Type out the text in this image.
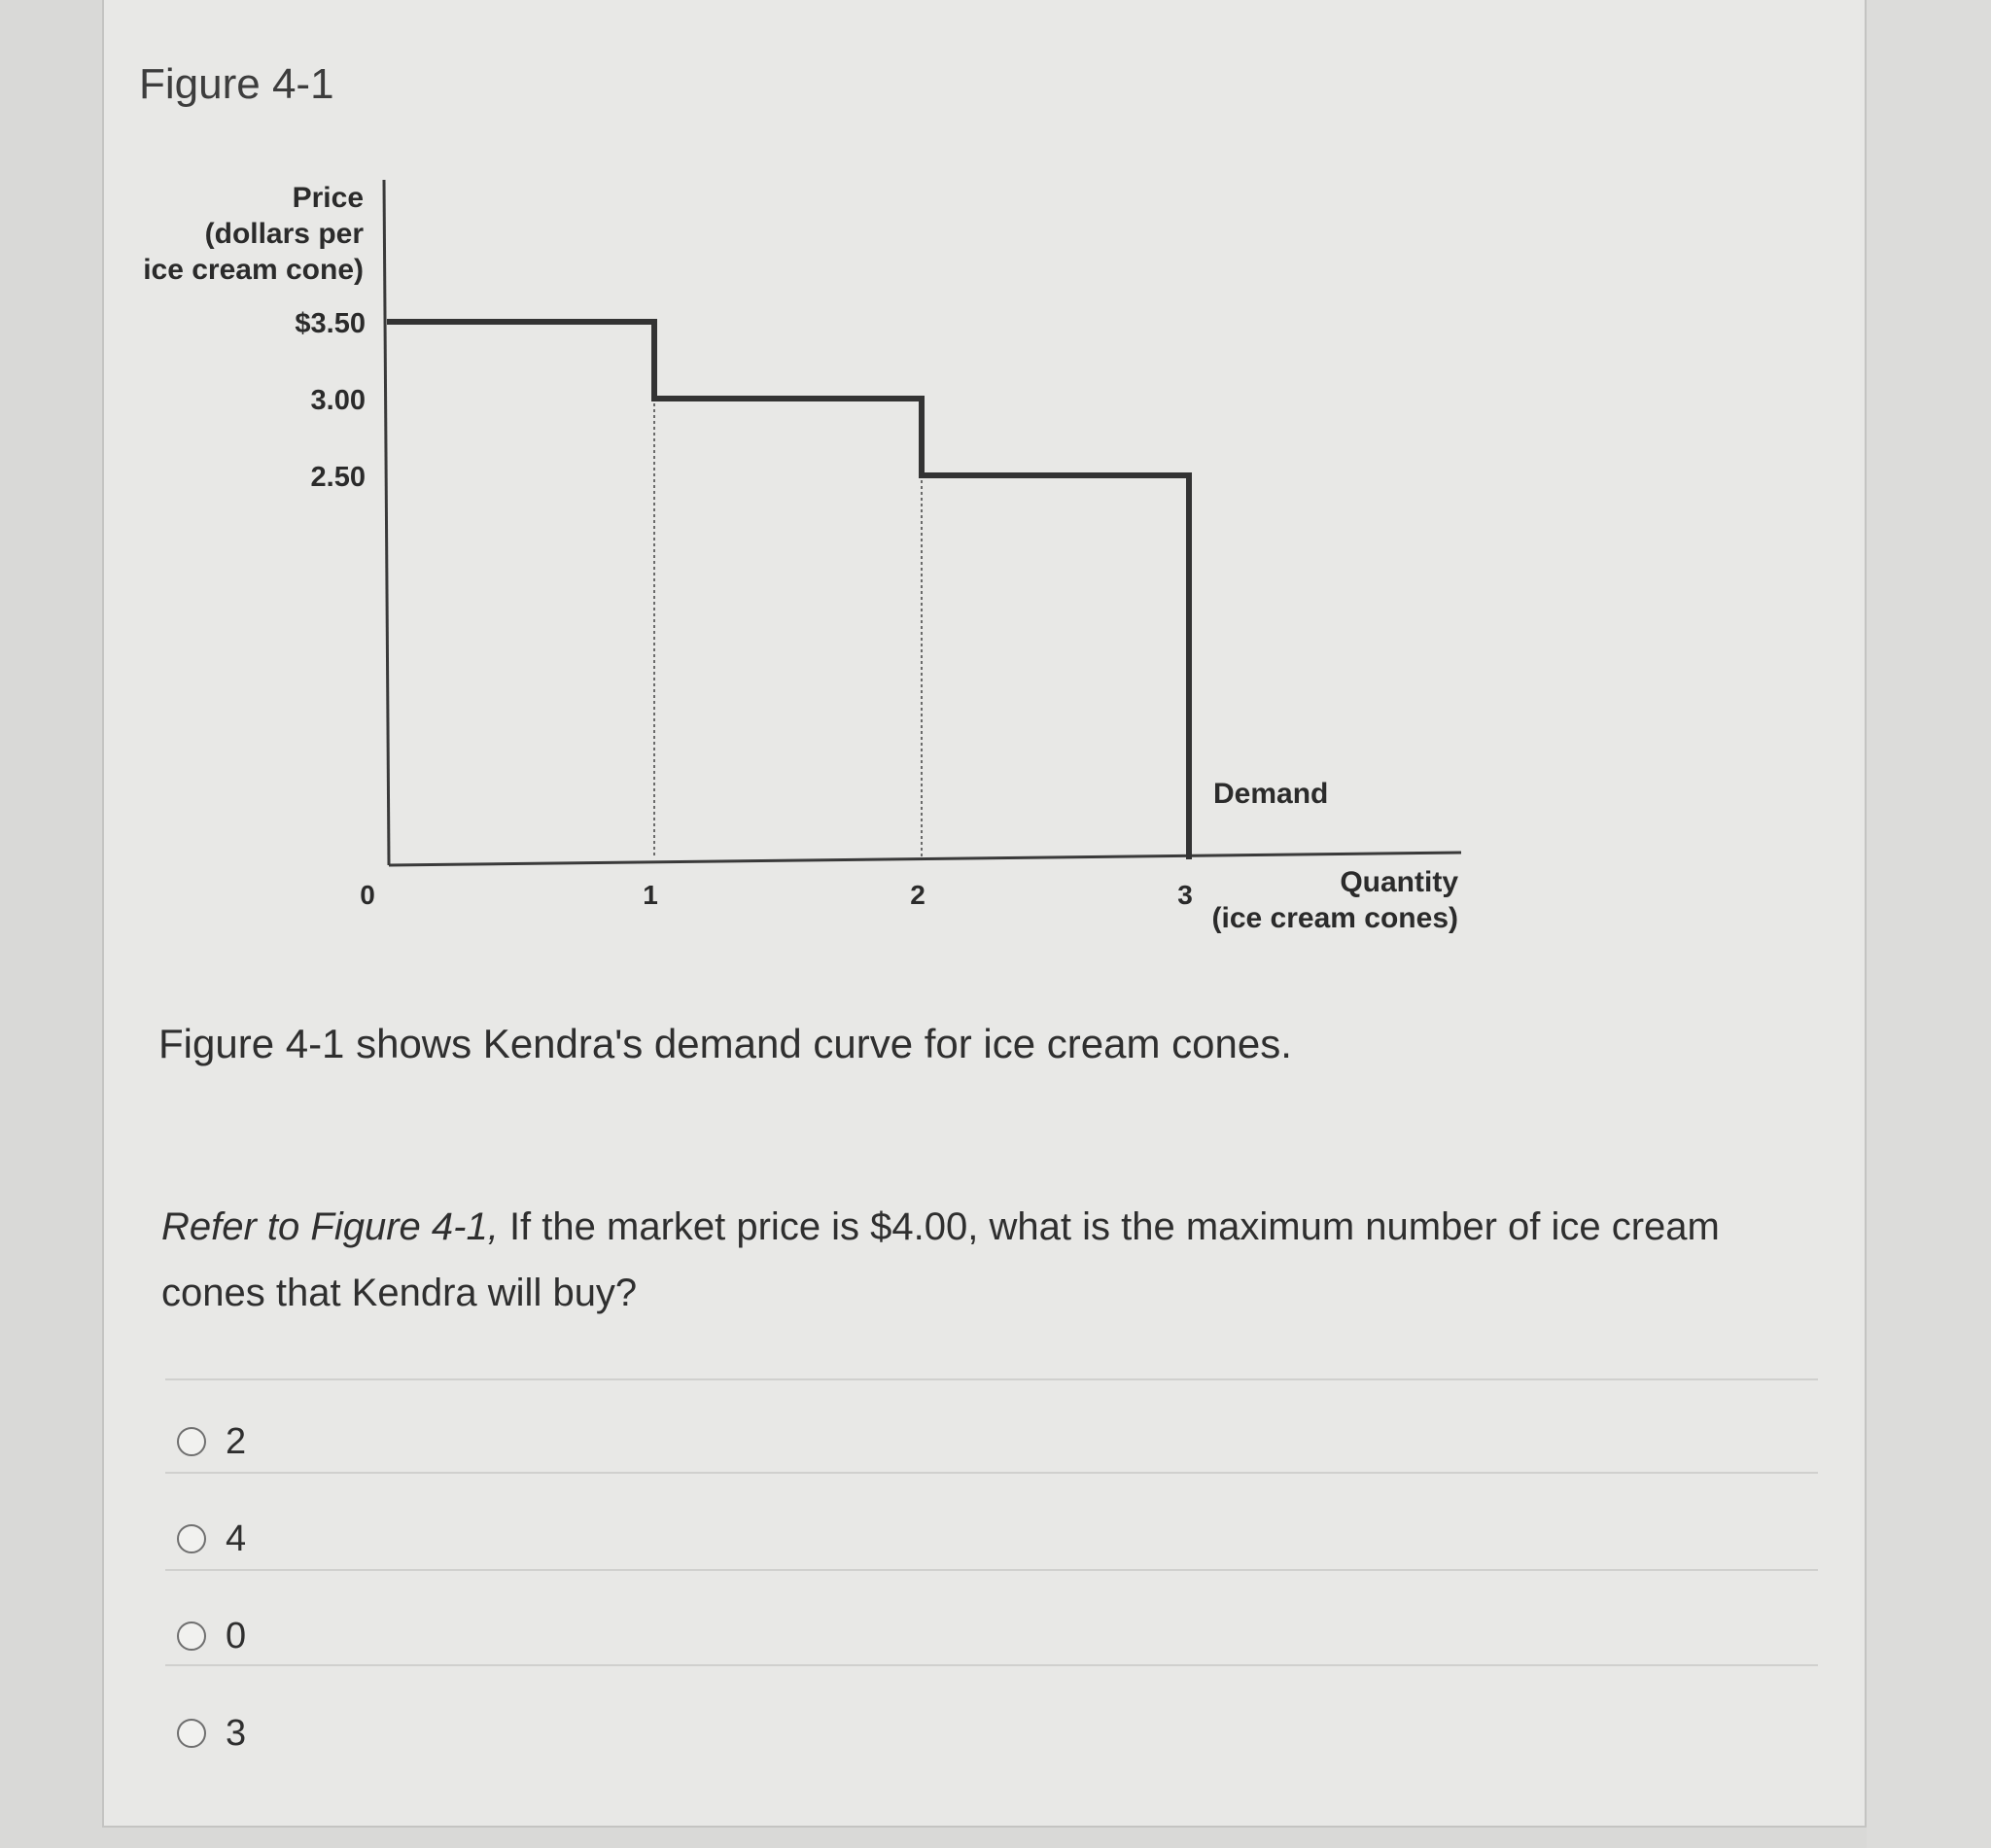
Figure 4-1
Price
(dollars per
ice cream cone)
Quantity
(ice cream cones)
$3.50
3.00
2.50
0	1	2	3
Demand
Figure 4-1 shows Kendra's demand curve for ice cream cones.
Refer to Figure 4-1, If the market price is $4.00, what is the maximum number of ice cream cones that Kendra will buy?
2
4
0
3
